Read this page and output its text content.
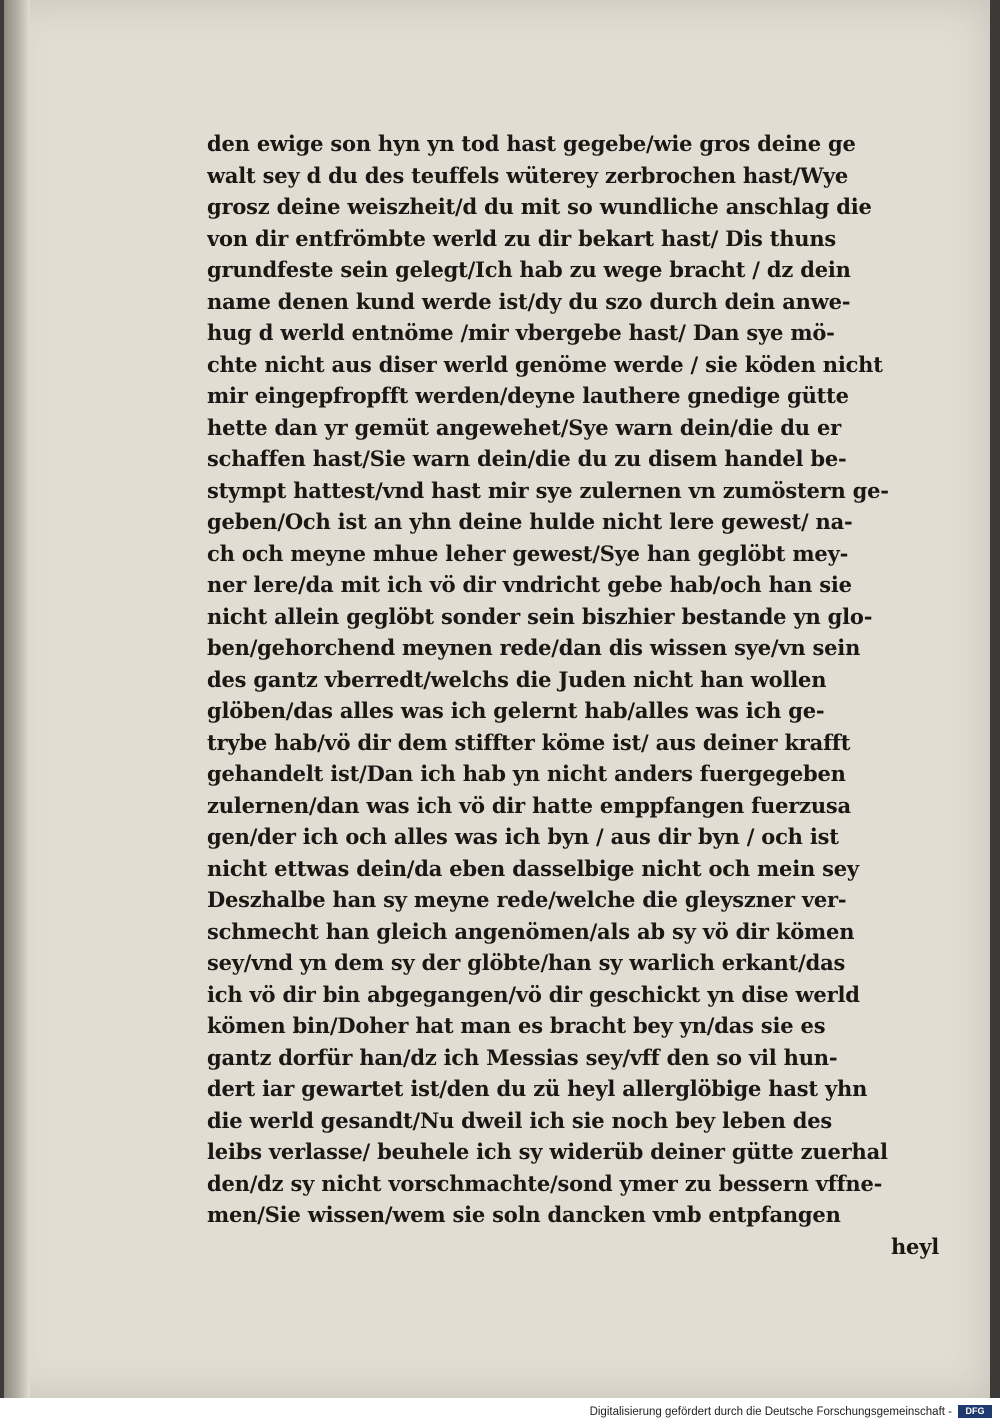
den ewige son hyn yn tod hast gegebe/wie gros deine ge
walt sey d du des teuffels wüterey zerbrochen hast/Wye
grosz deine weiszheit/d du mit so wundliche anschlag die
von dir entfrömbte werld zu dir bekart hast/ Dis thuns
grundfeste sein gelegt/Ich hab zu wege bracht / dz dein
name denen kund werde ist/dy du szo durch dein anwe-
hug d werld entnöme /mir vbergebe hast/ Dan sye mö-
chte nicht aus diser werld genöme werde / sie köden nicht
mir eingepfropfft werden/deyne lauthere gnedige gütte
hette dan yr gemüt angewehet/Sye warn dein/die du er
schaffen hast/Sie warn dein/die du zu disem handel be-
stympt hattest/vnd hast mir sye zulernen vn zumöstern ge-
geben/Och ist an yhn deine hulde nicht lere gewest/ na-
ch och meyne mhue leher gewest/Sye han geglöbt mey-
ner lere/da mit ich vö dir vndricht gebe hab/och han sie
nicht allein geglöbt sonder sein biszhier bestande yn glo-
ben/gehorchend meynen rede/dan dis wissen sye/vn sein
des gantz vberredt/welchs die Juden nicht han wollen
glöben/das alles was ich gelernt hab/alles was ich ge-
trybe hab/vö dir dem stiffter köme ist/ aus deiner krafft
gehandelt ist/Dan ich hab yn nicht anders fuergegeben
zulernen/dan was ich vö dir hatte emppfangen fuerzusa
gen/der ich och alles was ich byn / aus dir byn / och ist
nicht ettwas dein/da eben dasselbige nicht och mein sey
Deszhalbe han sy meyne rede/welche die gleyszner ver-
schmecht han gleich angenömen/als ab sy vö dir kömen
sey/vnd yn dem sy der glöbte/han sy warlich erkant/das
ich vö dir bin abgegangen/vö dir geschickt yn dise werld
kömen bin/Doher hat man es bracht bey yn/das sie es
gantz dorfür han/dz ich Messias sey/vff den so vil hun-
dert iar gewartet ist/den du zü heyl allerglöbige hast yhn
die werld gesandt/Nu dweil ich sie noch bey leben des
leibs verlasse/ beuhele ich sy widerüb deiner gütte zuerhal
den/dz sy nicht vorschmachte/sond ymer zu bessern vffne-
men/Sie wissen/wem sie soln dancken vmb entpfangen
heyl
Digitalisierung gefördert durch die Deutsche Forschungsgemeinschaft -	DFG
